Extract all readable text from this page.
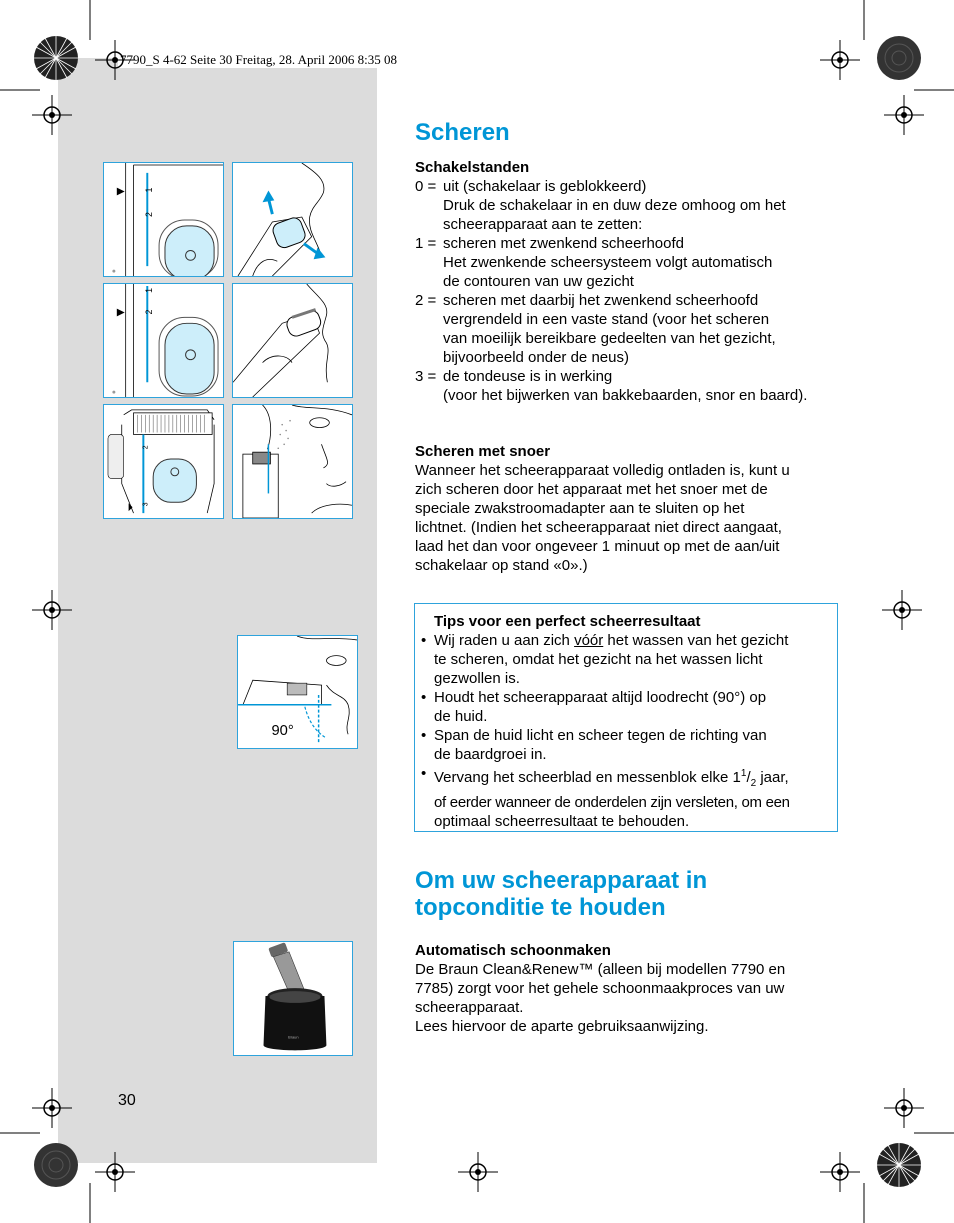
7790_S 4-62 Seite 30 Freitag, 28. April 2006 8:35 08
1
2
1
2
2
3
90°
Braun
Scheren
Schakelstanden
0 = uit (schakelaar is geblokkeerd)
Druk de schakelaar in en duw deze omhoog om het
scheerapparaat aan te zetten:
1 = scheren met zwenkend scheerhoofd
Het zwenkende scheersysteem volgt automatisch
de contouren van uw gezicht
2 = scheren met daarbij het zwenkend scheerhoofd
vergrendeld in een vaste stand (voor het scheren
van moeilijk bereikbare gedeelten van het gezicht,
bijvoorbeeld onder de neus)
3 = de tondeuse is in werking
(voor het bijwerken van bakkebaarden, snor en baard).
Scheren met snoer
Wanneer het scheerapparaat volledig ontladen is, kunt u
zich scheren door het apparaat met het snoer met de
speciale zwakstroomadapter aan te sluiten op het
lichtnet. (Indien het scheerapparaat niet direct aangaat,
laad het dan voor ongeveer 1 minuut op met de aan/uit
schakelaar op stand «0».)
Tips voor een perfect scheerresultaat
• Wij raden u aan zich vóór het wassen van het gezicht
te scheren, omdat het gezicht na het wassen licht
gezwollen is.
• Houdt het scheerapparaat altijd loodrecht (90°) op
de huid.
• Span de huid licht en scheer tegen de richting van
de baardgroei in.
• Vervang het scheerblad en messenblok elke $1^1/_2$ jaar,
of eerder wanneer de onderdelen zijn versleten, om een
optimaal scheerresultaat te behouden.
Om uw scheerapparaat in
topconditie te houden
Automatisch schoonmaken
De Braun Clean&Renew™ (alleen bij modellen 7790 en
7785) zorgt voor het gehele schoonmaakproces van uw
scheerapparaat.
Lees hiervoor de aparte gebruiksaanwijzing.
30
